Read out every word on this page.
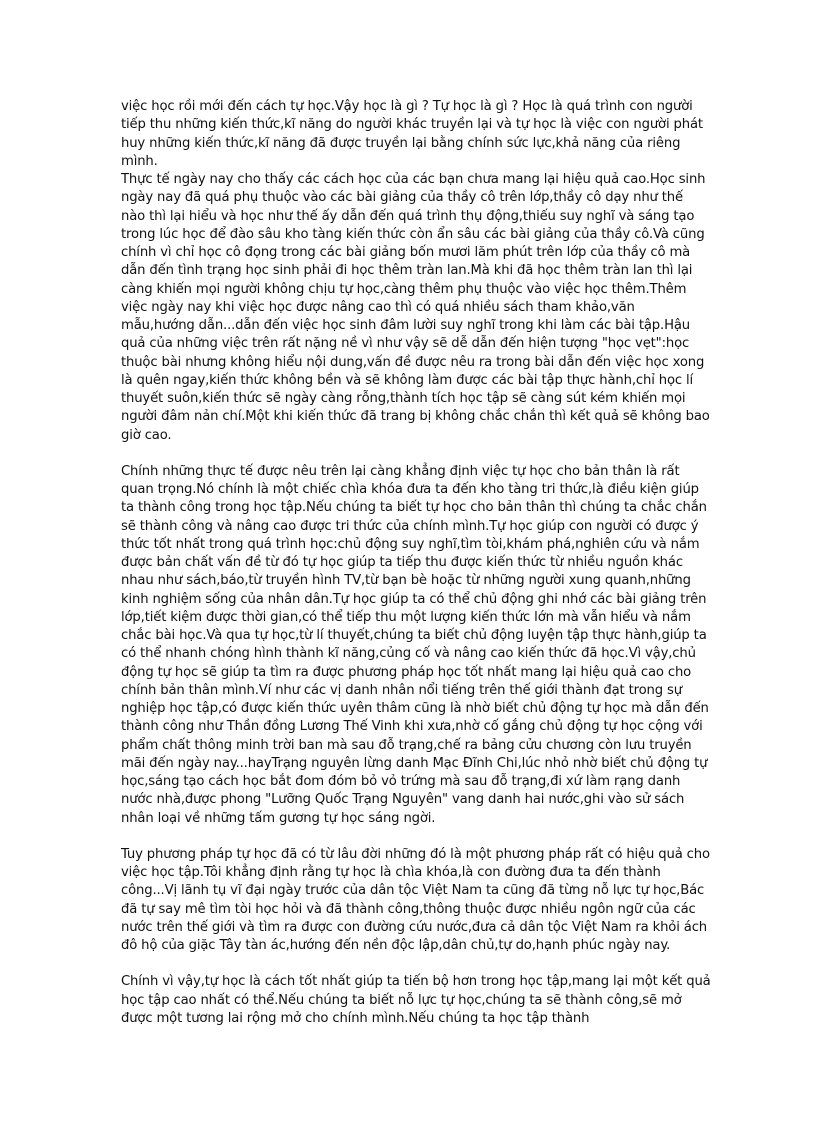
việc học rồi mới đến cách tự học.Vậy học là gì ? Tự học là gì ? Học là quá trình con người tiếp thu những kiến thức,kĩ năng do người khác truyền lại và tự học là việc con người phát huy những kiến thức,kĩ năng đã được truyền lại bằng chính sức lực,khả năng của riêng mình.

Thực tế ngày nay cho thấy các cách học của các bạn chưa mang lại hiệu quả cao.Học sinh ngày nay đã quá phụ thuộc vào các bài giảng của thầy cô trên lớp,thầy cô dạy như thế nào thì lại hiểu và học như thế ấy dẫn đến quá trình thụ động,thiếu suy nghĩ và sáng tạo trong lúc học để đào sâu kho tàng kiến thức còn ẩn sâu các bài giảng của thầy cô.Và cũng chính vì chỉ học cô đọng trong các bài giảng bốn mươi lăm phút trên lớp của thầy cô mà dẫn đến tình trạng học sinh phải đi học thêm tràn lan.Mà khi đã học thêm tràn lan thì lại càng khiến mọi người không chịu tự học,càng thêm phụ thuộc vào việc học thêm.Thêm việc ngày nay khi việc học được nâng cao thì có quá nhiều sách tham khảo,văn mẫu,hướng dẫn...dẫn đến việc học sinh đâm lười suy nghĩ trong khi làm các bài tập.Hậu quả của những việc trên rất nặng nề vì như vậy sẽ dễ dẫn đến hiện tượng "học vẹt":học thuộc bài nhưng không hiểu nội dung,vấn đề được nêu ra trong bài dẫn đến việc học xong là quên ngay,kiến thức không bền và sẽ không làm được các bài tập thực hành,chỉ học lí thuyết suôn,kiến thức sẽ ngày càng rỗng,thành tích học tập sẽ càng sút kém khiến mọi người đâm nản chí.Một khi kiến thức đã trang bị không chắc chắn thì kết quả sẽ không bao giờ cao.

Chính những thực tế được nêu trên lại càng khẳng định việc tự học cho bản thân là rất quan trọng.Nó chính là một chiếc chìa khóa đưa ta đến kho tàng tri thức,là điều kiện giúp ta thành công trong học tập.Nếu chúng ta biết tự học cho bản thân thì chúng ta chắc chắn sẽ thành công và nâng cao được tri thức của chính mình.Tự học giúp con người có được ý thức tốt nhất trong quá trình học:chủ động suy nghĩ,tìm tòi,khám phá,nghiên cứu và nắm được bản chất vấn đề từ đó tự học giúp ta tiếp thu được kiến thức từ nhiều nguồn khác nhau như sách,báo,từ truyền hình TV,từ bạn bè hoặc từ những người xung quanh,những kinh nghiệm sống của nhân dân.Tự học giúp ta có thể chủ động ghi nhớ các bài giảng trên lớp,tiết kiệm được thời gian,có thể tiếp thu một lượng kiến thức lớn mà vẫn hiểu và nắm chắc bài học.Và qua tự học,từ lí thuyết,chúng ta biết chủ động luyện tập thực hành,giúp ta có thể nhanh chóng hình thành kĩ năng,củng cố và nâng cao kiến thức đã học.Vì vậy,chủ động tự học sẽ giúp ta tìm ra được phương pháp học tốt nhất mang lại hiệu quả cao cho chính bản thân mình.Ví như các vị danh nhân nổi tiếng trên thế giới thành đạt trong sự nghiệp học tập,có được kiến thức uyên thâm cũng là nhờ biết chủ động tự học mà dẫn đến thành công như Thần đồng Lương Thế Vinh khi xưa,nhờ cố gắng chủ động tự học cộng với phẩm chất thông minh trời ban mà sau đỗ trạng,chế ra bảng cửu chương còn lưu truyền mãi đến ngày nay...hayTrạng nguyên lừng danh Mạc Đĩnh Chi,lúc nhỏ nhờ biết chủ động tự học,sáng tạo cách học bắt đom đóm bỏ vỏ trứng mà sau đỗ trạng,đi xứ làm rạng danh nước nhà,được phong "Lưỡng Quốc Trạng Nguyên" vang danh hai nước,ghi vào sử sách nhân loại về những tấm gương tự học sáng ngời.

Tuy phương pháp tự học đã có từ lâu đời những đó là một phương pháp rất có hiệu quả cho việc học tập.Tôi khẳng định rằng tự học là chìa khóa,là con đường đưa ta đến thành công...Vị lãnh tụ vĩ đại ngày trước của dân tộc Việt Nam ta cũng đã từng nỗ lực tự học,Bác đã tự say mê tìm tòi học hỏi và đã thành công,thông thuộc được nhiều ngôn ngữ của các nước trên thế giới và tìm ra được con đường cứu nước,đưa cả dân tộc Việt Nam ra khỏi ách đô hộ của giặc Tây tàn ác,hướng đến nền độc lập,dân chủ,tự do,hạnh phúc ngày nay.

Chính vì vậy,tự học là cách tốt nhất giúp ta tiến bộ hơn trong học tập,mang lại một kết quả học tập cao nhất có thể.Nếu chúng ta biết nỗ lực tự học,chúng ta sẽ thành công,sẽ mở được một tương lai rộng mở cho chính mình.Nếu chúng ta học tập thành
